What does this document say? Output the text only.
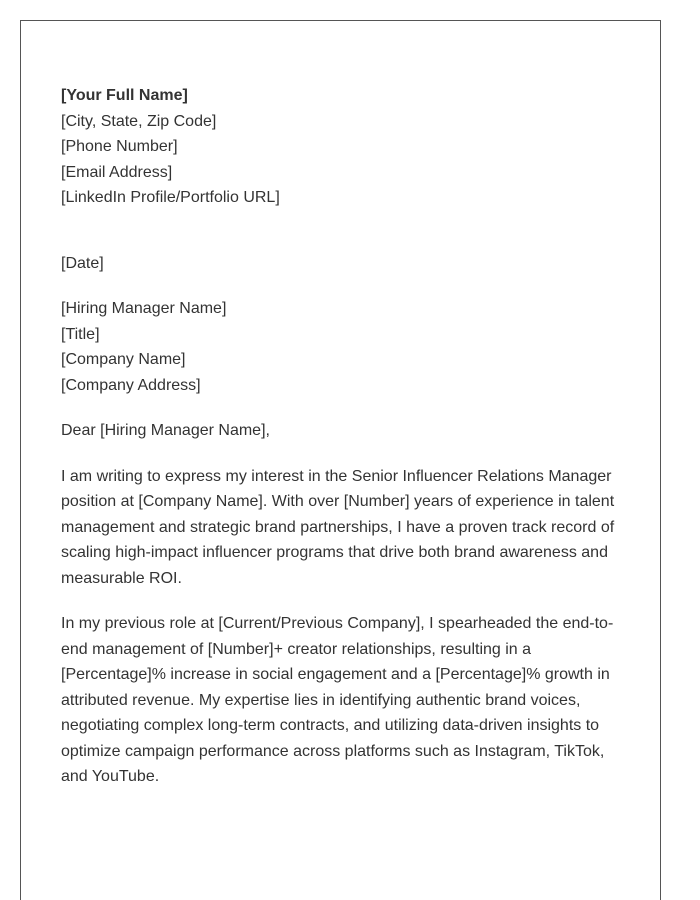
[Your Full Name]
[City, State, Zip Code]
[Phone Number]
[Email Address]
[LinkedIn Profile/Portfolio URL]
[Date]
[Hiring Manager Name]
[Title]
[Company Name]
[Company Address]
Dear [Hiring Manager Name],

I am writing to express my interest in the Senior Influencer Relations Manager position at [Company Name]. With over [Number] years of experience in talent management and strategic brand partnerships, I have a proven track record of scaling high-impact influencer programs that drive both brand awareness and measurable ROI.

In my previous role at [Current/Previous Company], I spearheaded the end-to-end management of [Number]+ creator relationships, resulting in a [Percentage]% increase in social engagement and a [Percentage]% growth in attributed revenue. My expertise lies in identifying authentic brand voices, negotiating complex long-term contracts, and utilizing data-driven insights to optimize campaign performance across platforms such as Instagram, TikTok, and YouTube.
